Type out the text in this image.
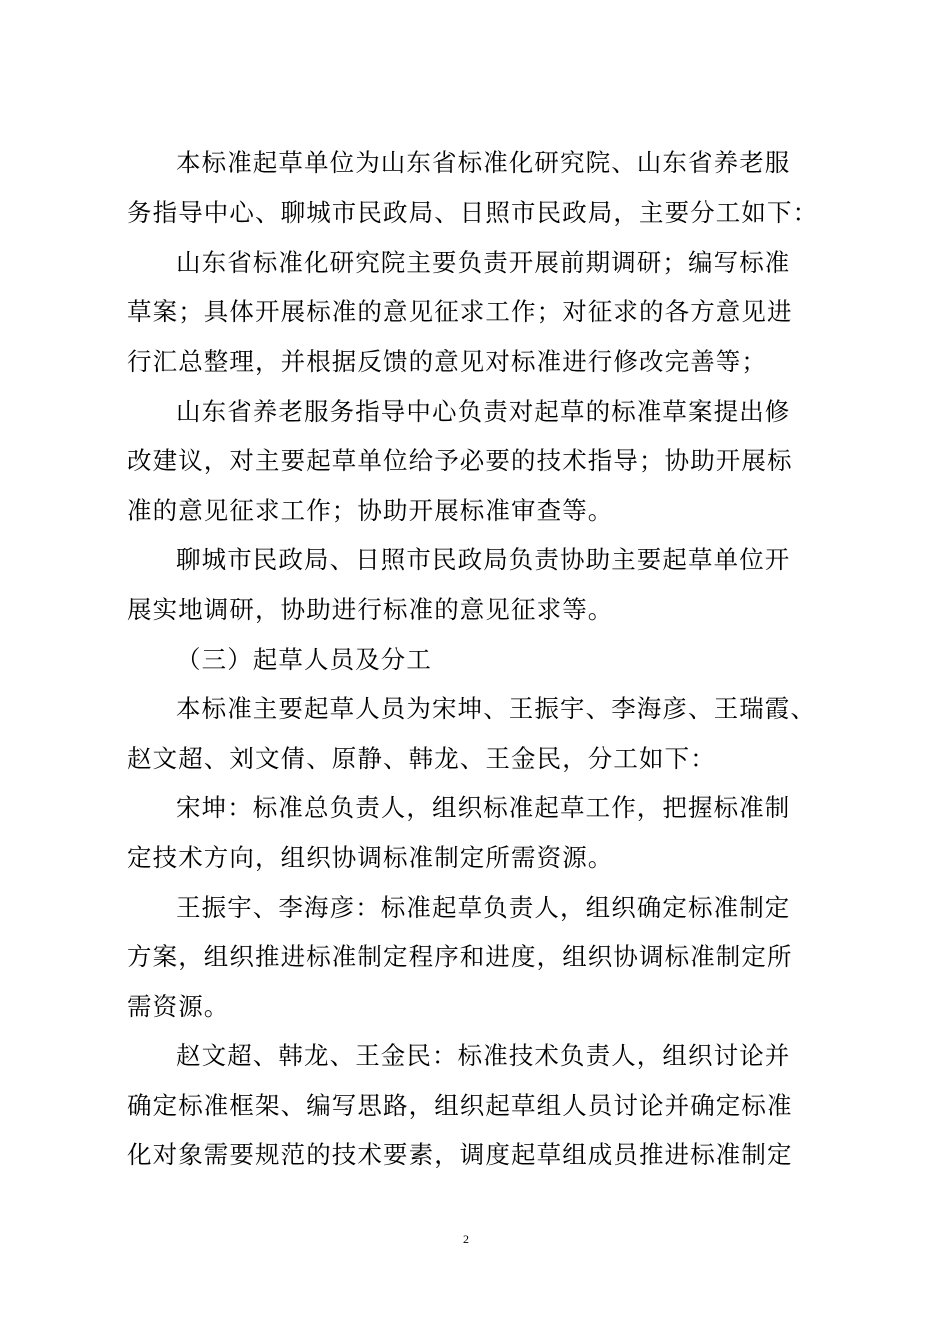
本标准起草单位为山东省标准化研究院、山东省养老服
务指导中心、聊城市民政局、日照市民政局，主要分工如下：
山东省标准化研究院主要负责开展前期调研；编写标准
草案；具体开展标准的意见征求工作；对征求的各方意见进
行汇总整理，并根据反馈的意见对标准进行修改完善等；
山东省养老服务指导中心负责对起草的标准草案提出修
改建议，对主要起草单位给予必要的技术指导；协助开展标
准的意见征求工作；协助开展标准审查等。
聊城市民政局、日照市民政局负责协助主要起草单位开
展实地调研，协助进行标准的意见征求等。
（三）起草人员及分工
本标准主要起草人员为宋坤、王振宇、李海彦、王瑞霞、
赵文超、刘文倩、原静、韩龙、王金民，分工如下：
宋坤：标准总负责人，组织标准起草工作，把握标准制
定技术方向，组织协调标准制定所需资源。
王振宇、李海彦：标准起草负责人，组织确定标准制定
方案，组织推进标准制定程序和进度，组织协调标准制定所
需资源。
赵文超、韩龙、王金民：标准技术负责人，组织讨论并
确定标准框架、编写思路，组织起草组人员讨论并确定标准
化对象需要规范的技术要素，调度起草组成员推进标准制定
2
